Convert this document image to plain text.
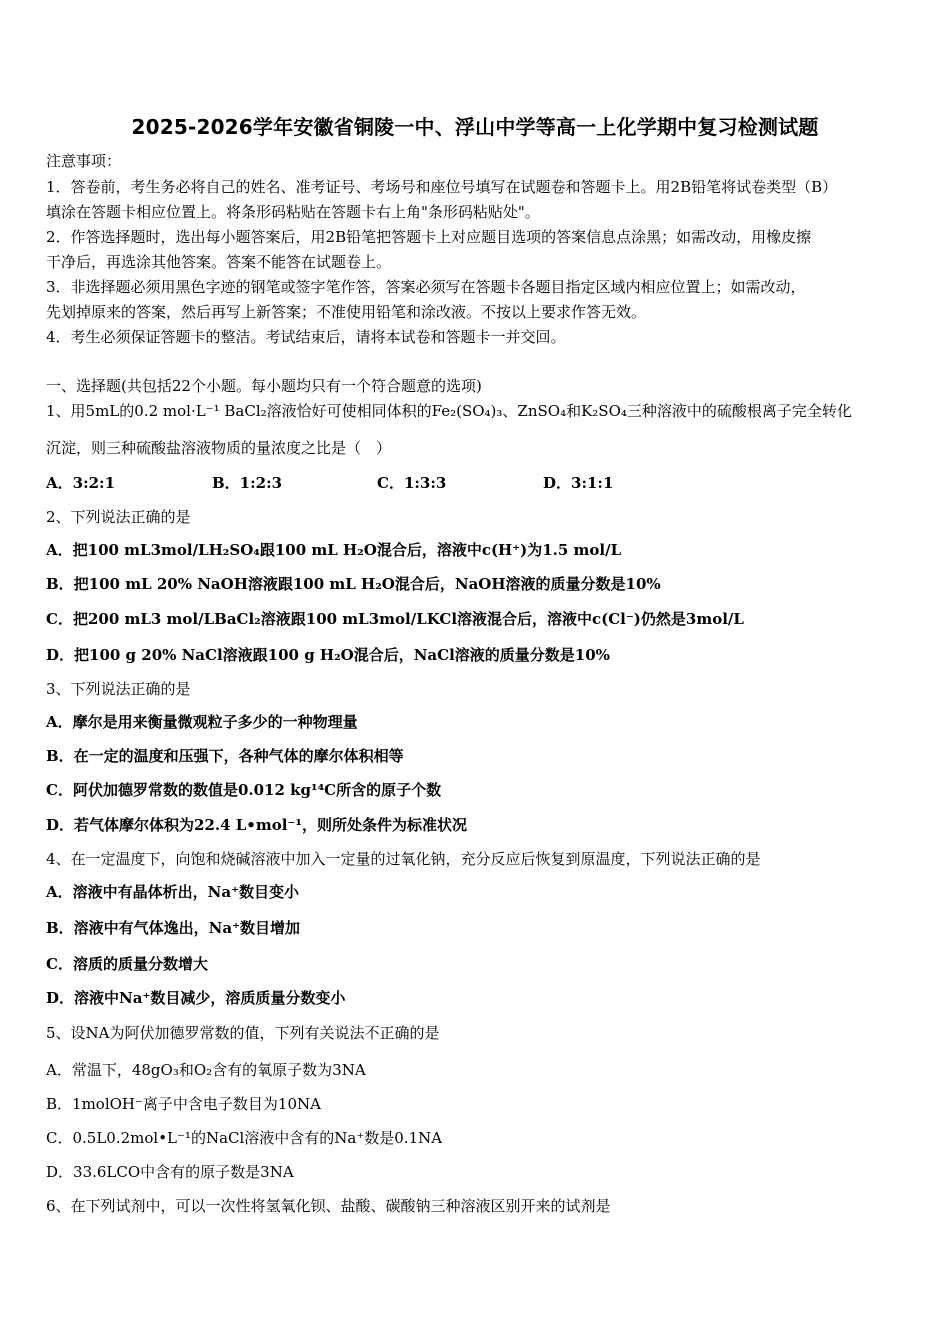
2025-2026学年安徽省铜陵一中、浮山中学等高一上化学期中复习检测试题
注意事项：
1．答卷前，考生务必将自己的姓名、准考证号、考场号和座位号填写在试题卷和答题卡上。用2B铅笔将试卷类型（B）
填涂在答题卡相应位置上。将条形码粘贴在答题卡右上角"条形码粘贴处"。
2．作答选择题时，选出每小题答案后，用2B铅笔把答题卡上对应题目选项的答案信息点涂黑；如需改动，用橡皮擦
干净后，再选涂其他答案。答案不能答在试题卷上。
3．非选择题必须用黑色字迹的钢笔或签字笔作答，答案必须写在答题卡各题目指定区域内相应位置上；如需改动，
先划掉原来的答案，然后再写上新答案；不准使用铅笔和涂改液。不按以上要求作答无效。
4．考生必须保证答题卡的整洁。考试结束后，请将本试卷和答题卡一并交回。
一、选择题(共包括22个小题。每小题均只有一个符合题意的选项)
1、用5mL的0.2 mol·L⁻¹ BaCl₂溶液恰好可使相同体积的Fe₂(SO₄)₃、ZnSO₄和K₂SO₄三种溶液中的硫酸根离子完全转化
沉淀，则三种硫酸盐溶液物质的量浓度之比是（　）
A．3:2:1	B．1:2:3	C．1:3:3	D．3:1:1
2、下列说法正确的是
A．把100 mL3mol/LH₂SO₄跟100 mL H₂O混合后，溶液中c(H⁺)为1.5 mol/L
B．把100 mL 20% NaOH溶液跟100 mL H₂O混合后，NaOH溶液的质量分数是10%
C．把200 mL3 mol/LBaCl₂溶液跟100 mL3mol/LKCl溶液混合后，溶液中c(Cl⁻)仍然是3mol/L
D．把100 g 20% NaCl溶液跟100 g H₂O混合后，NaCl溶液的质量分数是10%
3、下列说法正确的是
A．摩尔是用来衡量微观粒子多少的一种物理量
B．在一定的温度和压强下，各种气体的摩尔体积相等
C．阿伏加德罗常数的数值是0.012 kg¹⁴C所含的原子个数
D．若气体摩尔体积为22.4 L•mol⁻¹，则所处条件为标准状况
4、在一定温度下，向饱和烧碱溶液中加入一定量的过氧化钠，充分反应后恢复到原温度，下列说法正确的是
A．溶液中有晶体析出，Na⁺数目变小
B．溶液中有气体逸出，Na⁺数目增加
C．溶质的质量分数增大
D．溶液中Na⁺数目减少，溶质质量分数变小
5、设NA为阿伏加德罗常数的值，下列有关说法不正确的是
A．常温下，48gO₃和O₂含有的氧原子数为3NA
B．1molOH⁻离子中含电子数目为10NA
C．0.5L0.2mol•L⁻¹的NaCl溶液中含有的Na⁺数是0.1NA
D．33.6LCO中含有的原子数是3NA
6、在下列试剂中，可以一次性将氢氧化钡、盐酸、碳酸钠三种溶液区别开来的试剂是
